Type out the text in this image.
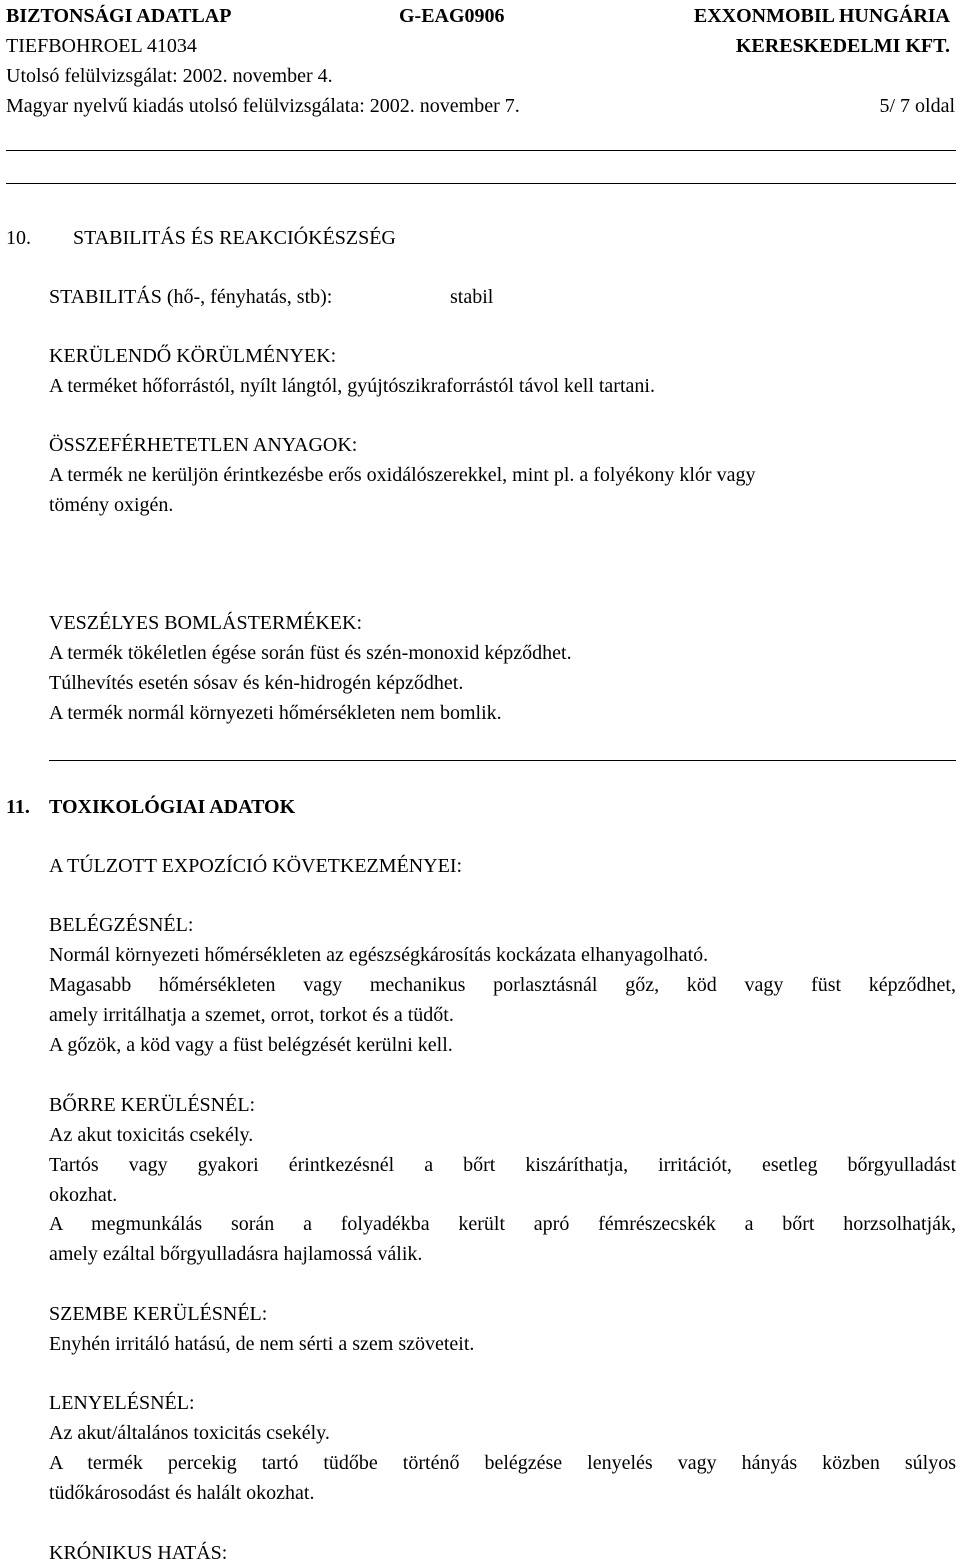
BIZTONSÁGI ADATLAP	G-EAG0906	EXXONMOBIL HUNGÁRIA
TIEFBOHROEL 41034	KERESKEDELMI KFT.
Utolsó felülvizsgálat: 2002. november 4.
Magyar nyelvű kiadás utolsó felülvizsgálata: 2002. november 7.	5/ 7 oldal
10. STABILITÁS ÉS REAKCIÓKÉSZSÉG
STABILITÁS (hő-, fényhatás, stb):	stabil
KERÜLENDŐ KÖRÜLMÉNYEK:
A terméket hőforrástól, nyílt lángtól, gyújtószikraforrástól távol kell tartani.
ÖSSZEFÉRHETETLEN ANYAGOK:
A termék ne kerüljön érintkezésbe erős oxidálószerekkel, mint pl. a folyékony klór vagy
tömény oxigén.
VESZÉLYES BOMLÁSTERMÉKEK:
A termék tökéletlen égése során füst és szén-monoxid képződhet.
Túlhevítés esetén sósav és kén-hidrogén képződhet.
A termék normál környezeti hőmérsékleten nem bomlik.
11. TOXIKOLÓGIAI ADATOK
A TÚLZOTT EXPOZÍCIÓ KÖVETKEZMÉNYEI:
BELÉGZÉSNÉL:
Normál környezeti hőmérsékleten az egészségkárosítás kockázata elhanyagolható.
Magasabb hőmérsékleten vagy mechanikus porlasztásnál gőz, köd vagy füst képződhet,
amely irritálhatja a szemet, orrot, torkot és a tüdőt.
A gőzök, a köd vagy a füst belégzését kerülni kell.
BŐRRE KERÜLÉSNÉL:
Az akut toxicitás csekély.
Tartós vagy gyakori érintkezésnél a bőrt kiszáríthatja, irritációt, esetleg bőrgyulladást
okozhat.
A megmunkálás során a folyadékba került apró fémrészecskék a bőrt horzsolhatják,
amely ezáltal bőrgyulladásra hajlamossá válik.
SZEMBE KERÜLÉSNÉL:
Enyhén irritáló hatású, de nem sérti a szem szöveteit.
LENYELÉSNÉL:
Az akut/általános toxicitás csekély.
A termék percekig tartó tüdőbe történő belégzése lenyelés vagy hányás közben súlyos
tüdőkárosodást és halált okozhat.
KRÓNIKUS HATÁS:
